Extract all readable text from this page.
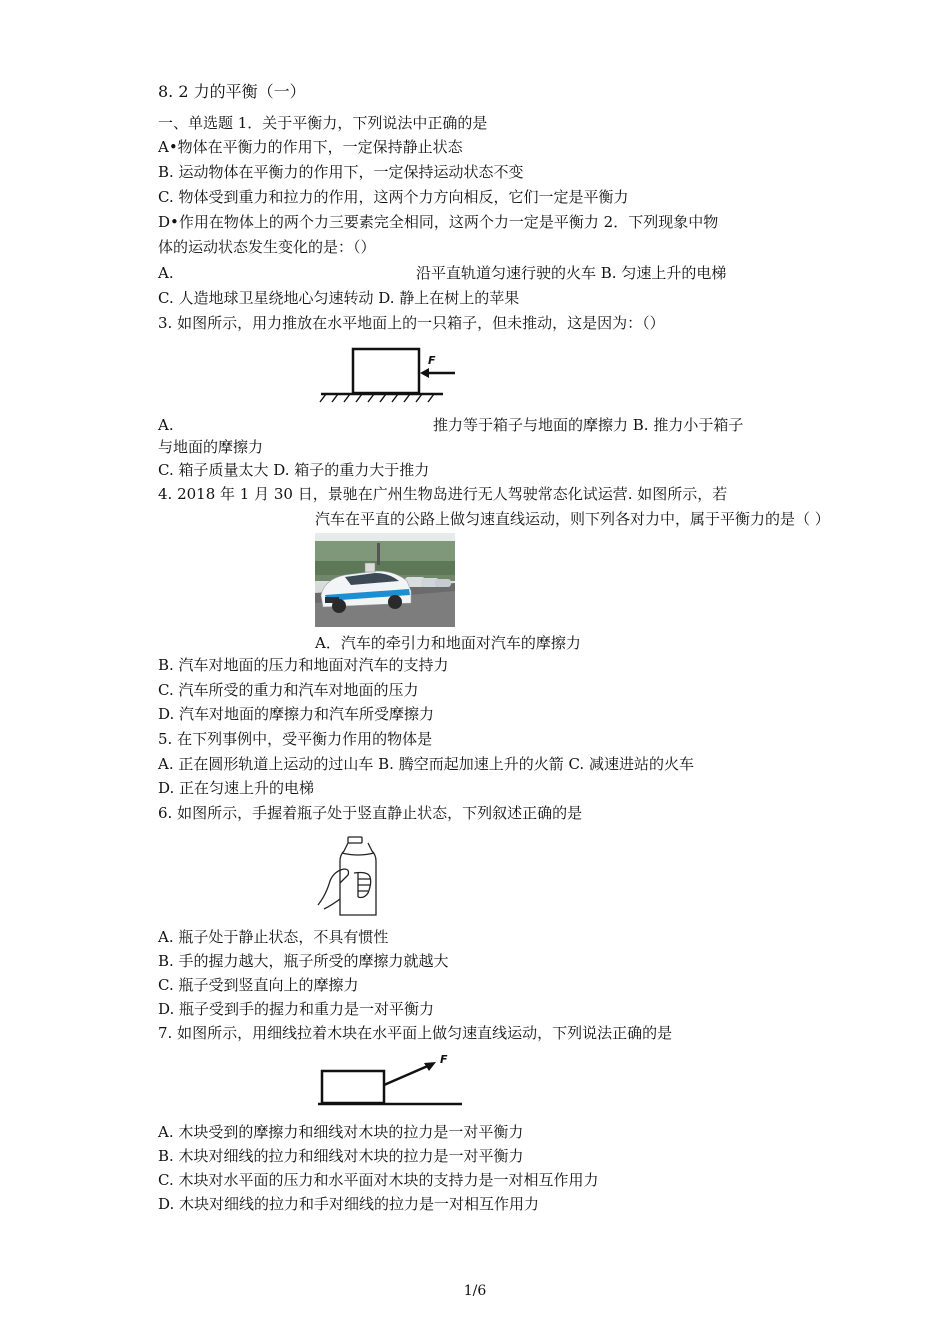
8. 2 力的平衡（一）
一、单选题 1．关于平衡力，下列说法中正确的是
A•物体在平衡力的作用下，一定保持静止状态
B. 运动物体在平衡力的作用下，一定保持运动状态不变
C. 物体受到重力和拉力的作用，这两个力方向相反，它们一定是平衡力
D•作用在物体上的两个力三要素完全相同，这两个力一定是平衡力 2．下列现象中物
体的运动状态发生变化的是：（）
A.	沿平直轨道匀速行驶的火车 B. 匀速上升的电梯
C. 人造地球卫星绕地心匀速转动 D. 静上在树上的苹果
3. 如图所示，用力推放在水平地面上的一只箱子，但未推动，这是因为：（）
F
A.	推力等于箱子与地面的摩擦力 B. 推力小于箱子
与地面的摩擦力
C. 箱子质量太大 D. 箱子的重力大于推力
4. 2018 年 1 月 30 日，景驰在广州生物岛进行无人驾驶常态化试运营. 如图所示，若
汽车在平直的公路上做匀速直线运动，则下列各对力中，属于平衡力的是（ ）
A．汽车的牵引力和地面对汽车的摩擦力
B. 汽车对地面的压力和地面对汽车的支持力
C. 汽车所受的重力和汽车对地面的压力
D. 汽车对地面的摩擦力和汽车所受摩擦力
5. 在下列事例中，受平衡力作用的物体是
A. 正在圆形轨道上运动的过山车 B. 腾空而起加速上升的火箭 C. 减速进站的火车
D. 正在匀速上升的电梯
6. 如图所示，手握着瓶子处于竖直静止状态，下列叙述正确的是
A. 瓶子处于静止状态，不具有惯性
B. 手的握力越大，瓶子所受的摩擦力就越大
C. 瓶子受到竖直向上的摩擦力
D. 瓶子受到手的握力和重力是一对平衡力
7. 如图所示，用细线拉着木块在水平面上做匀速直线运动，下列说法正确的是
F
A. 木块受到的摩擦力和细线对木块的拉力是一对平衡力
B. 木块对细线的拉力和细线对木块的拉力是一对平衡力
C. 木块对水平面的压力和水平面对木块的支持力是一对相互作用力
D. 木块对细线的拉力和手对细线的拉力是一对相互作用力
1/6
